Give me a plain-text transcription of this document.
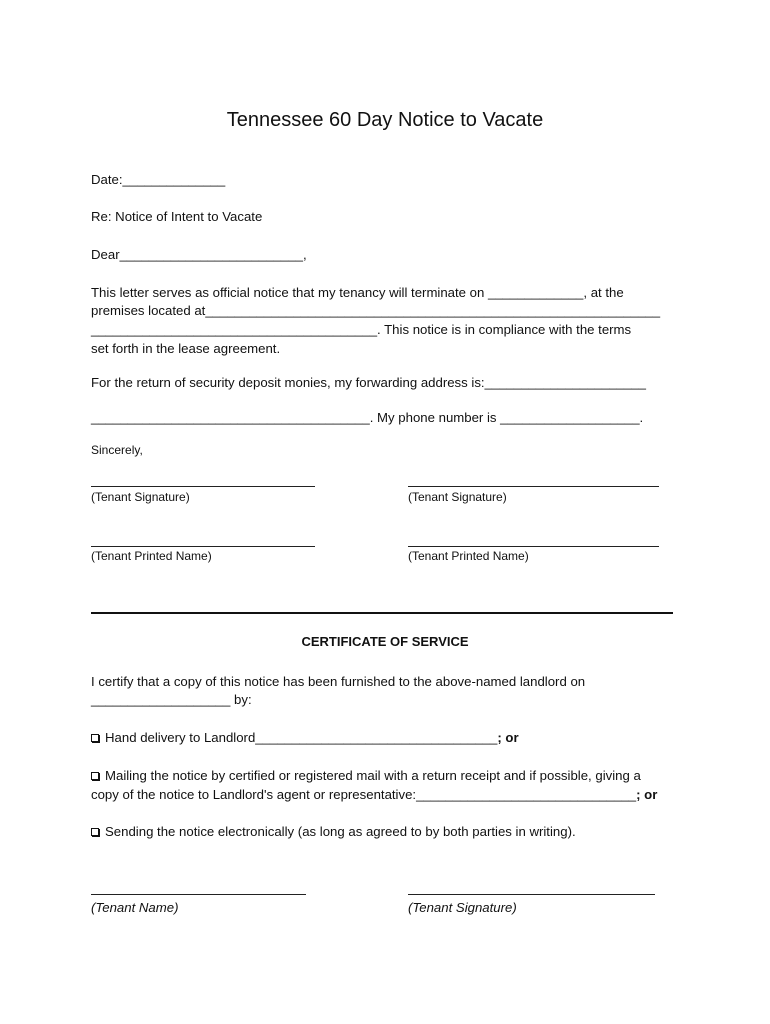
Tennessee 60 Day Notice to Vacate
Date:______________
Re: Notice of Intent to Vacate
Dear_________________________,
This letter serves as official notice that my tenancy will terminate on _____________, at the
premises located at______________________________________________________________
_______________________________________. This notice is in compliance with the terms
set forth in the lease agreement.
For the return of security deposit monies, my forwarding address is:______________________
______________________________________. My phone number is ___________________.
Sincerely,
(Tenant Signature)	(Tenant Signature)
(Tenant Printed Name)	(Tenant Printed Name)
CERTIFICATE OF SERVICE
I certify that a copy of this notice has been furnished to the above-named landlord on
___________________ by:
Hand delivery to Landlord_________________________________; or
Mailing the notice by certified or registered mail with a return receipt and if possible, giving a
copy of the notice to Landlord's agent or representative:______________________________; or
Sending the notice electronically (as long as agreed to by both parties in writing).
(Tenant Name)	(Tenant Signature)
